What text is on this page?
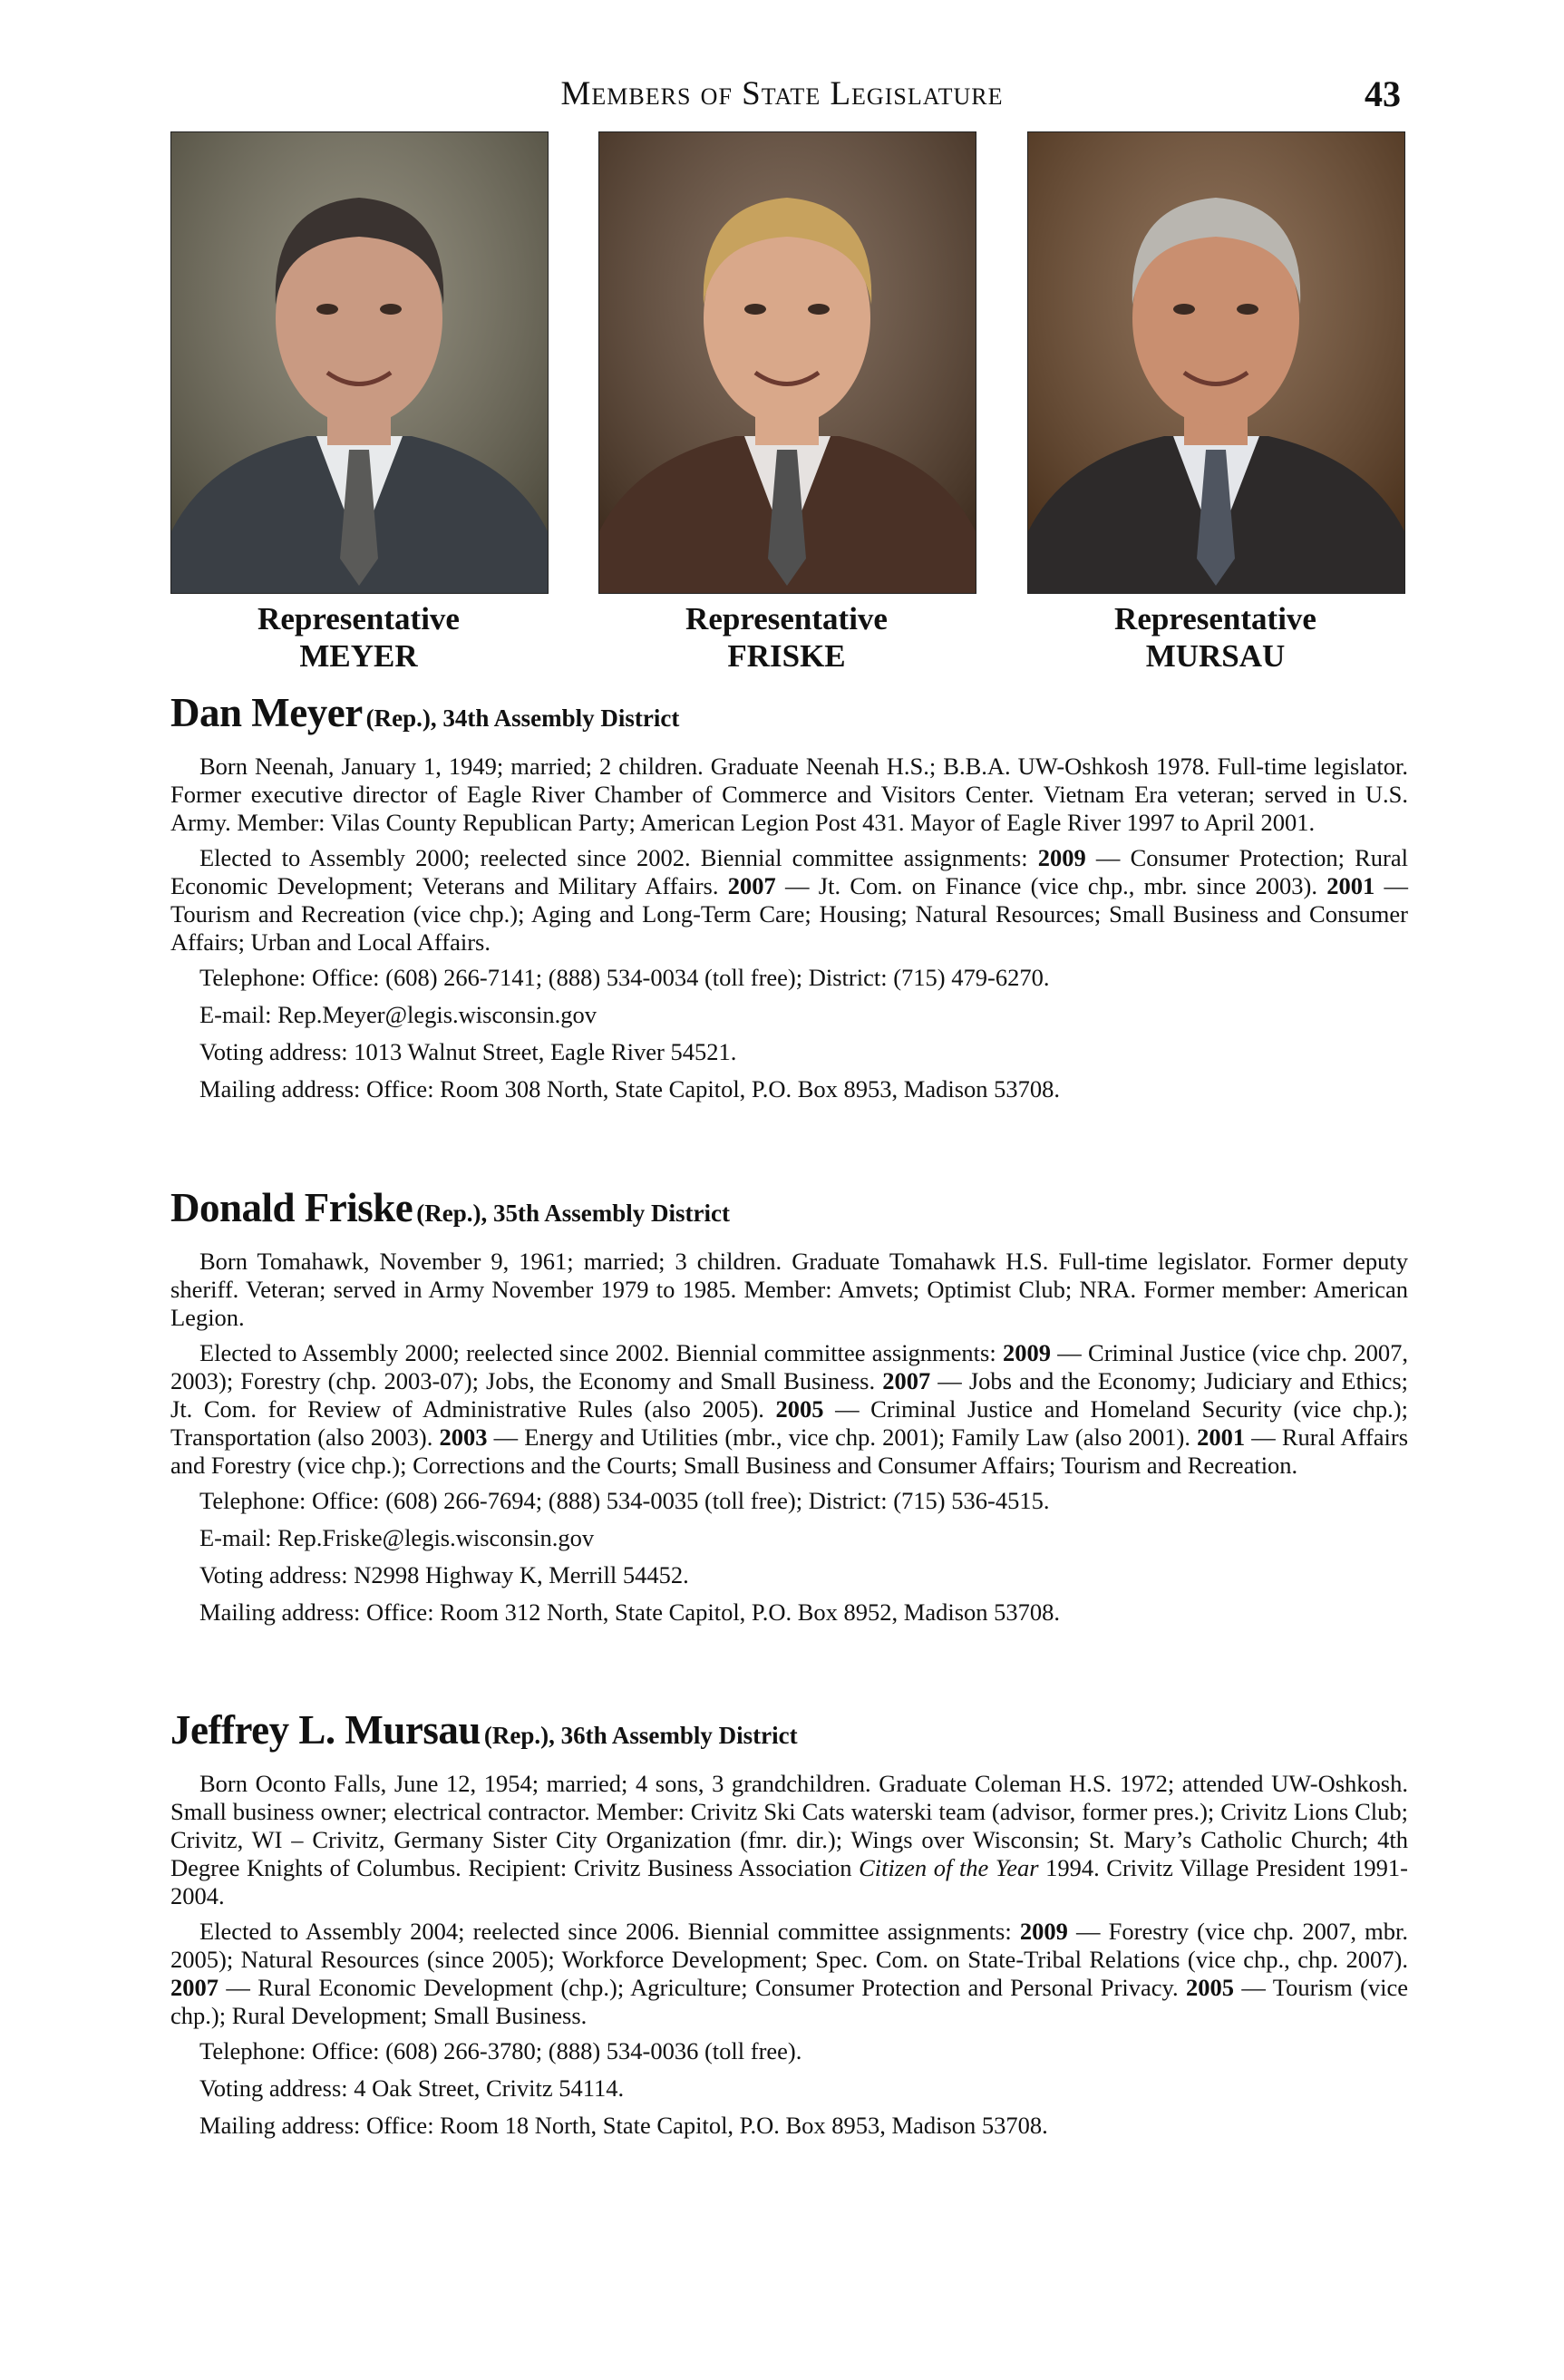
Members of State Legislature	43
Representative
MEYER
Representative
FRISKE
Representative
MURSAU
Dan Meyer (Rep.), 34th Assembly District

Born Neenah, January 1, 1949; married; 2 children. Graduate Neenah H.S.; B.B.A. UW-Oshkosh 1978. Full-time legislator. Former executive director of Eagle River Chamber of Commerce and Visitors Center. Vietnam Era veteran; served in U.S. Army. Member: Vilas County Republican Party; American Legion Post 431. Mayor of Eagle River 1997 to April 2001.

Elected to Assembly 2000; reelected since 2002. Biennial committee assignments: 2009 — Consumer Protection; Rural Economic Development; Veterans and Military Affairs. 2007 — Jt. Com. on Finance (vice chp., mbr. since 2003). 2001 — Tourism and Recreation (vice chp.); Aging and Long-Term Care; Housing; Natural Resources; Small Business and Consumer Affairs; Urban and Local Affairs.

Telephone: Office: (608) 266-7141; (888) 534-0034 (toll free); District: (715) 479-6270.

E-mail: Rep.Meyer@legis.wisconsin.gov

Voting address: 1013 Walnut Street, Eagle River 54521.

Mailing address: Office: Room 308 North, State Capitol, P.O. Box 8953, Madison 53708.

Donald Friske (Rep.), 35th Assembly District

Born Tomahawk, November 9, 1961; married; 3 children. Graduate Tomahawk H.S. Full-time legislator. Former deputy sheriff. Veteran; served in Army November 1979 to 1985. Member: Amvets; Optimist Club; NRA. Former member: American Legion.

Elected to Assembly 2000; reelected since 2002. Biennial committee assignments: 2009 — Criminal Justice (vice chp. 2007, 2003); Forestry (chp. 2003-07); Jobs, the Economy and Small Business. 2007 — Jobs and the Economy; Judiciary and Ethics; Jt. Com. for Review of Administrative Rules (also 2005). 2005 — Criminal Justice and Homeland Security (vice chp.); Transportation (also 2003). 2003 — Energy and Utilities (mbr., vice chp. 2001); Family Law (also 2001). 2001 — Rural Affairs and Forestry (vice chp.); Corrections and the Courts; Small Business and Consumer Affairs; Tourism and Recreation.

Telephone: Office: (608) 266-7694; (888) 534-0035 (toll free); District: (715) 536-4515.

E-mail: Rep.Friske@legis.wisconsin.gov

Voting address: N2998 Highway K, Merrill 54452.

Mailing address: Office: Room 312 North, State Capitol, P.O. Box 8952, Madison 53708.

Jeffrey L. Mursau (Rep.), 36th Assembly District

Born Oconto Falls, June 12, 1954; married; 4 sons, 3 grandchildren. Graduate Coleman H.S. 1972; attended UW-Oshkosh. Small business owner; electrical contractor. Member: Crivitz Ski Cats waterski team (advisor, former pres.); Crivitz Lions Club; Crivitz, WI – Crivitz, Germany Sister City Organization (fmr. dir.); Wings over Wisconsin; St. Mary’s Catholic Church; 4th Degree Knights of Columbus. Recipient: Crivitz Business Association Citizen of the Year 1994. Crivitz Village President 1991-2004.

Elected to Assembly 2004; reelected since 2006. Biennial committee assignments: 2009 — Forestry (vice chp. 2007, mbr. 2005); Natural Resources (since 2005); Workforce Development; Spec. Com. on State-Tribal Relations (vice chp., chp. 2007). 2007 — Rural Economic Development (chp.); Agriculture; Consumer Protection and Personal Privacy. 2005 — Tourism (vice chp.); Rural Development; Small Business.

Telephone: Office: (608) 266-3780; (888) 534-0036 (toll free).

Voting address: 4 Oak Street, Crivitz 54114.

Mailing address: Office: Room 18 North, State Capitol, P.O. Box 8953, Madison 53708.
